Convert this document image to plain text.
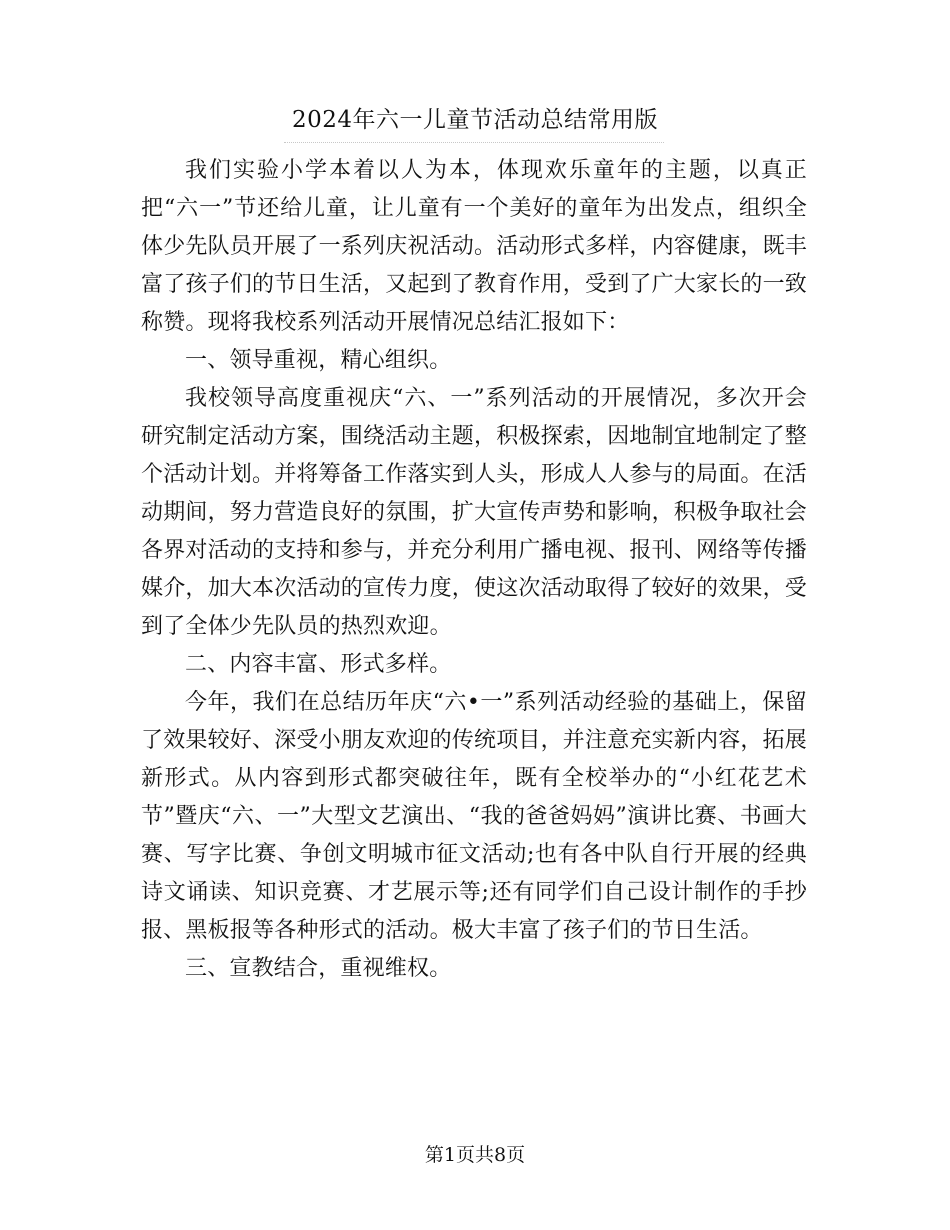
2024年六一儿童节活动总结常用版

我们实验小学本着以人为本，体现欢乐童年的主题，以真正把“六一”节还给儿童，让儿童有一个美好的童年为出发点，组织全体少先队员开展了一系列庆祝活动。活动形式多样，内容健康，既丰富了孩子们的节日生活，又起到了教育作用，受到了广大家长的一致称赞。现将我校系列活动开展情况总结汇报如下：

一、领导重视，精心组织。

我校领导高度重视庆“六、一”系列活动的开展情况，多次开会研究制定活动方案，围绕活动主题，积极探索，因地制宜地制定了整个活动计划。并将筹备工作落实到人头，形成人人参与的局面。在活动期间，努力营造良好的氛围，扩大宣传声势和影响，积极争取社会各界对活动的支持和参与，并充分利用广播电视、报刊、网络等传播媒介，加大本次活动的宣传力度，使这次活动取得了较好的效果，受到了全体少先队员的热烈欢迎。

二、内容丰富、形式多样。

今年，我们在总结历年庆“六•一”系列活动经验的基础上，保留了效果较好、深受小朋友欢迎的传统项目，并注意充实新内容，拓展新形式。从内容到形式都突破往年，既有全校举办的“小红花艺术节”暨庆“六、一”大型文艺演出、“我的爸爸妈妈”演讲比赛、书画大赛、写字比赛、争创文明城市征文活动;也有各中队自行开展的经典诗文诵读、知识竞赛、才艺展示等;还有同学们自己设计制作的手抄报、黑板报等各种形式的活动。极大丰富了孩子们的节日生活。

三、宣教结合，重视维权。

第1页共8页
